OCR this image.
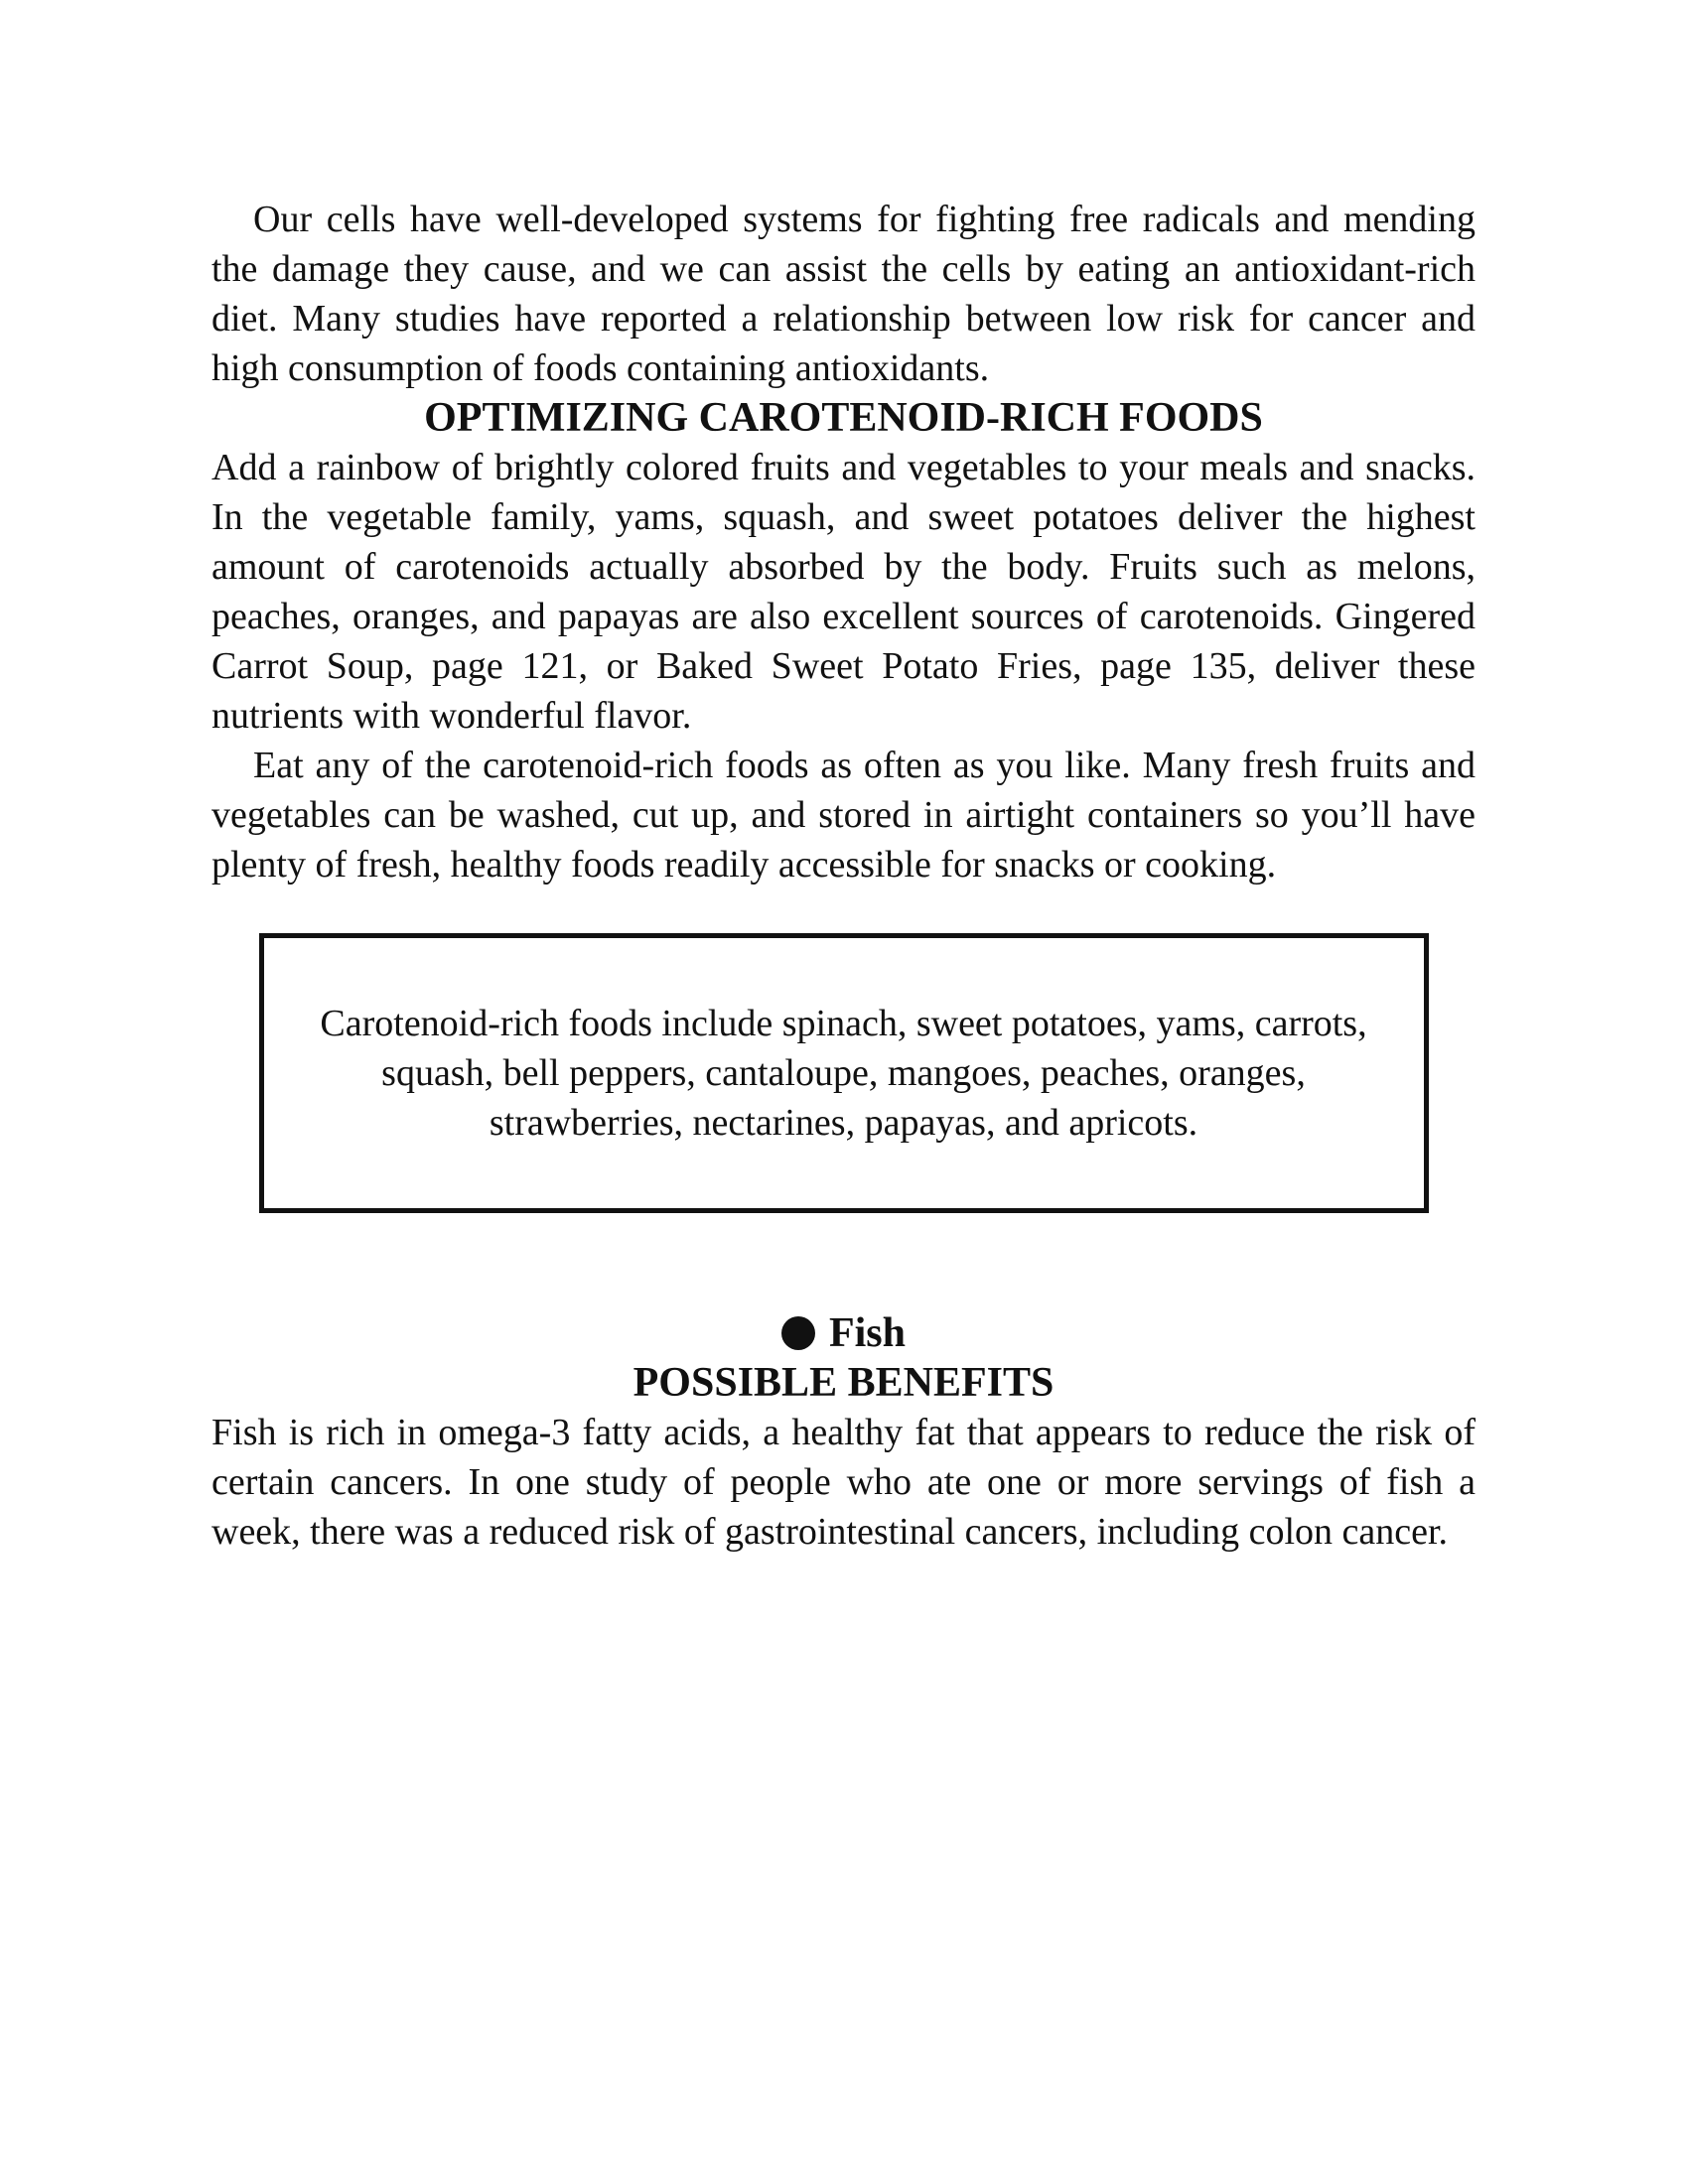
Our cells have well-developed systems for fighting free radicals and mending the damage they cause, and we can assist the cells by eating an antioxidant-rich diet. Many studies have reported a relationship between low risk for cancer and high consumption of foods containing antioxidants.

OPTIMIZING CAROTENOID-RICH FOODS

Add a rainbow of brightly colored fruits and vegetables to your meals and snacks. In the vegetable family, yams, squash, and sweet potatoes deliver the highest amount of carotenoids actually absorbed by the body. Fruits such as melons, peaches, oranges, and papayas are also excellent sources of carotenoids. Gingered Carrot Soup, page 121, or Baked Sweet Potato Fries, page 135, deliver these nutrients with wonderful flavor.

Eat any of the carotenoid-rich foods as often as you like. Many fresh fruits and vegetables can be washed, cut up, and stored in airtight containers so you’ll have plenty of fresh, healthy foods readily accessible for snacks or cooking.

Carotenoid-rich foods include spinach, sweet potatoes, yams, carrots, squash, bell peppers, cantaloupe, mangoes, peaches, oranges, strawberries, nectarines, papayas, and apricots.

Fish
POSSIBLE BENEFITS

Fish is rich in omega-3 fatty acids, a healthy fat that appears to reduce the risk of certain cancers. In one study of people who ate one or more servings of fish a week, there was a reduced risk of gastrointestinal cancers, including colon cancer.
